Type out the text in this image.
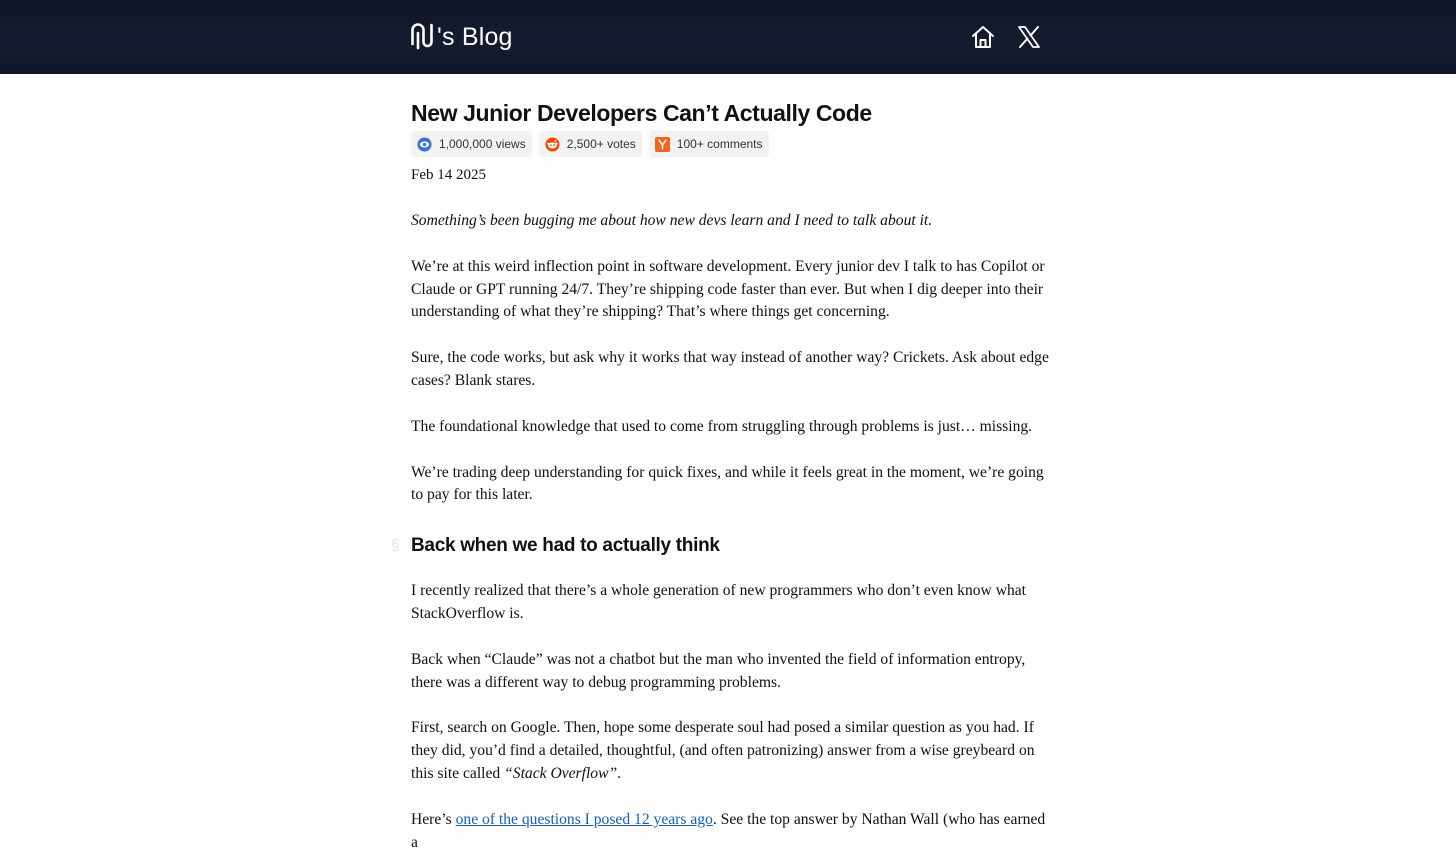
's Blog
New Junior Developers Can’t Actually Code
1,000,000 views	2,500+ votes	100+ comments
Feb 14 2025

Something’s been bugging me about how new devs learn and I need to talk about it.

We’re at this weird inflection point in software development. Every junior dev I talk to has Copilot or Claude or GPT running 24/7. They’re shipping code faster than ever. But when I dig deeper into their understanding of what they’re shipping? That’s where things get concerning.

Sure, the code works, but ask why it works that way instead of another way? Crickets. Ask about edge cases? Blank stares.

The foundational knowledge that used to come from struggling through problems is just… missing.

We’re trading deep understanding for quick fixes, and while it feels great in the moment, we’re going to pay for this later.

§ Back when we had to actually think

I recently realized that there’s a whole generation of new programmers who don’t even know what StackOverflow is.

Back when “Claude” was not a chatbot but the man who invented the field of information entropy, there was a different way to debug programming problems.

First, search on Google. Then, hope some desperate soul had posed a similar question as you had. If they did, you’d find a detailed, thoughtful, (and often patronizing) answer from a wise greybeard on this site called “Stack Overflow”.

Here’s one of the questions I posed 12 years ago. See the top answer by Nathan Wall (who has earned a
